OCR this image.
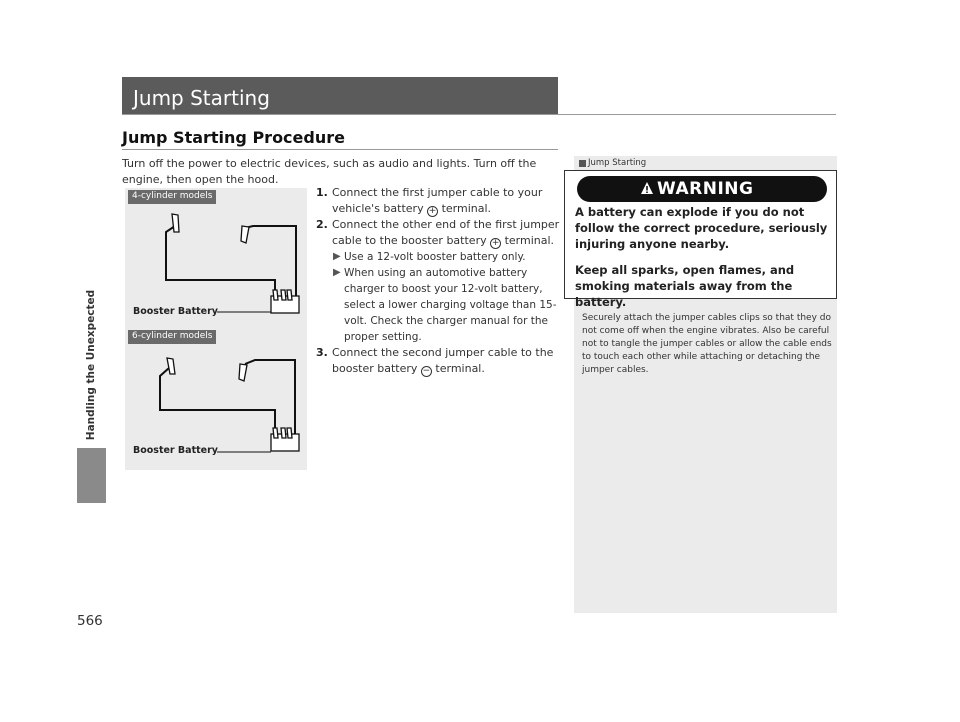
Handling the Unexpected
566
Jump Starting
Jump Starting Procedure
Turn off the power to electric devices, such as audio and lights. Turn off the engine, then open the hood.
4-cylinder models
Booster Battery
6-cylinder models
Booster Battery
1. Connect the first jumper cable to your vehicle's battery + terminal.
2. Connect the other end of the first jumper cable to the booster battery + terminal.
▶ Use a 12-volt booster battery only.
▶ When using an automotive battery charger to boost your 12-volt battery, select a lower charging voltage than 15-volt. Check the charger manual for the proper setting.
3. Connect the second jumper cable to the booster battery − terminal.
Jump Starting
WARNING
A battery can explode if you do not follow the correct procedure, seriously injuring anyone nearby.
Keep all sparks, open flames, and smoking materials away from the battery.
Securely attach the jumper cables clips so that they do not come off when the engine vibrates. Also be careful not to tangle the jumper cables or allow the cable ends to touch each other while attaching or detaching the jumper cables.
